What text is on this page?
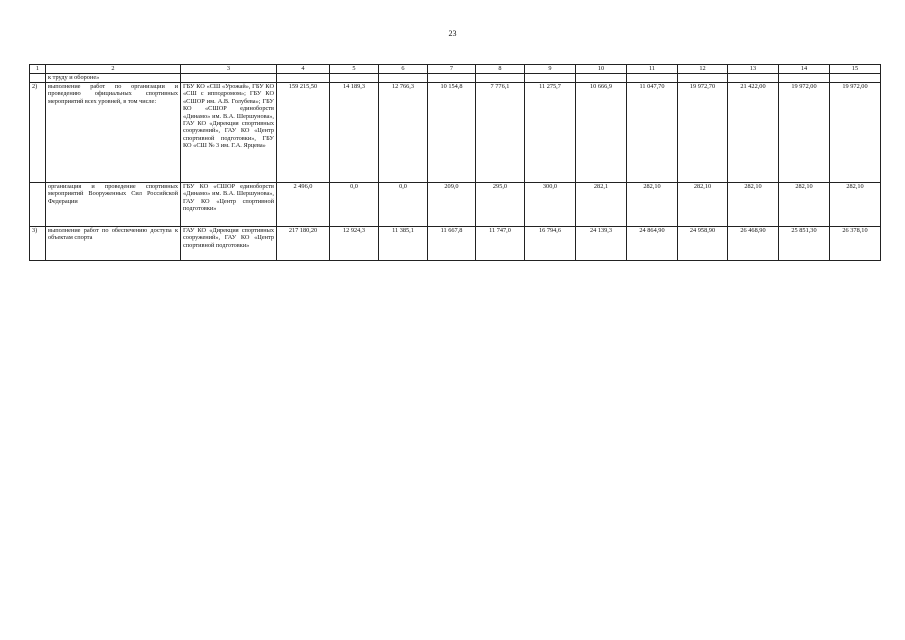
23
1	2	3	4	5	6	7	8	9	10	11	12	13	14	15
	к труду и обороне»													
2)	выполнение работ по организации и проведению официальных спортивных мероприятий всех уровней, в том числе:	ГБУ КО «СШ «Урожай», ГБУ КО «СШ с ипподромом»; ГБУ КО «СШОР им. А.В. Голубева»; ГБУ КО «СШОР единоборств «Динамо» им. В.А. Шершунова», ГАУ КО «Дирекция спортивных сооружений», ГАУ КО «Центр спортивной подготовки», ГБУ КО «СШ № 3 им. Г.А. Ярцева»	159 215,50	14 189,3	12 766,3	10 154,8	7 776,1	11 275,7	10 666,9	11 047,70	19 972,70	21 422,00	19 972,00	19 972,00
	организация и проведение спортивных мероприятий Вооруженных Сил Российской Федерации	ГБУ КО «СШОР единоборств «Динамо» им. В.А. Шершунова», ГАУ КО «Центр спортивной подготовки»	2 496,0	0,0	0,0	209,0	295,0	300,0	282,1	282,10	282,10	282,10	282,10	282,10
3)	выполнение работ по обеспечению доступа к объектам спорта	ГАУ КО «Дирекция спортивных сооружений», ГАУ КО «Центр спортивной подготовки»	217 180,20	12 924,3	11 385,1	11 667,8	11 747,0	16 794,6	24 139,3	24 864,90	24 958,90	26 468,90	25 851,30	26 378,10
